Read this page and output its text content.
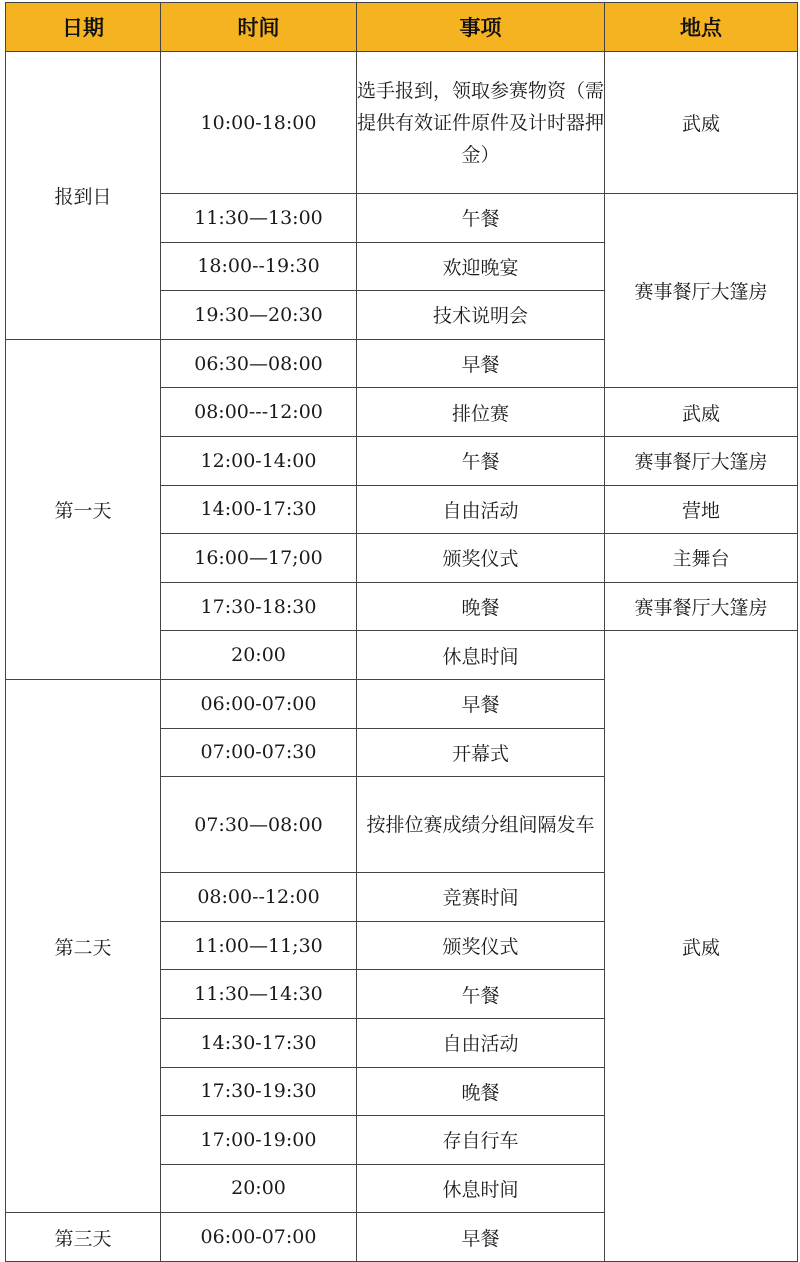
日期	时间	事项	地点
报到日	10:00-18:00	选手报到，领取参赛物资（需提供有效证件原件及计时器押金）	武威
	11:30—13:00	午餐	赛事餐厅大篷房
	18:00--19:30	欢迎晚宴	
	19:30—20:30	技术说明会	
第一天	06:30—08:00	早餐	
	08:00---12:00	排位赛	武威
	12:00-14:00	午餐	赛事餐厅大篷房
	14:00-17:30	自由活动	营地
	16:00—17;00	颁奖仪式	主舞台
	17:30-18:30	晚餐	赛事餐厅大篷房
	20:00	休息时间	武威
第二天	06:00-07:00	早餐	
	07:00-07:30	开幕式	
	07:30—08:00	按排位赛成绩分组间隔发车	
	08:00--12:00	竞赛时间	
	11:00—11;30	颁奖仪式	
	11:30—14:30	午餐	
	14:30-17:30	自由活动	
	17:30-19:30	晚餐	
	17:00-19:00	存自行车	
	20:00	休息时间	
第三天	06:00-07:00	早餐	
